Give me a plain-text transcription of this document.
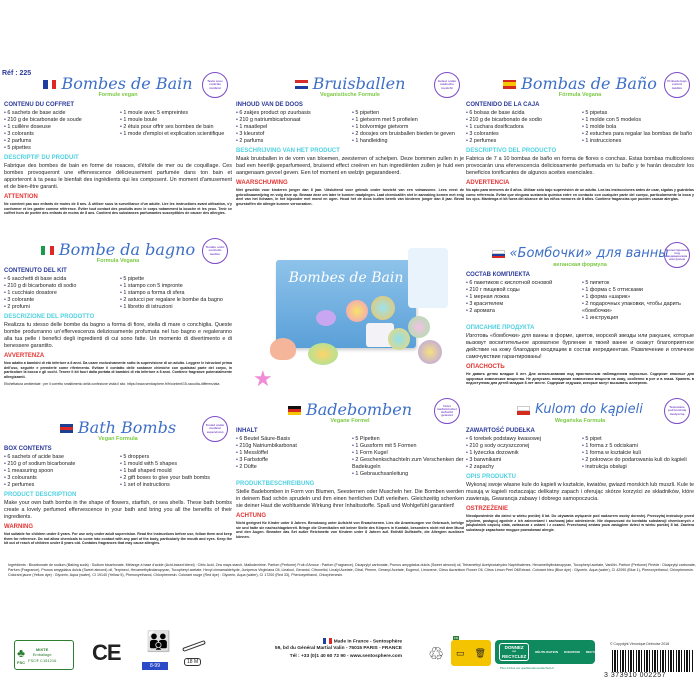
Réf : 225
Bombes de Bain	Testé sous contrôle médical
Formule vegan
CONTENU DU COFFRET
• 6 sachets de base acide
• 210 g de bicarbonate de soude
• 1 cuillère doseuse
• 3 colorants
• 2 parfums
• 5 pipettes
• 1 moule avec 5 empreintes
• 1 moule boule
• 2 étuis pour offrir ses bombes de bain
• 1 mode d'emploi et explication scientifique
DESCRIPTIF DU PRODUIT
Fabrique des bombes de bain en forme de rosaces, d'étoile de mer ou de coquillage. Ces bombes provoqueront une effervescence délicieusement parfumée dans ton bain et apporteront à ta peau le bienfait des ingrédients qui les composent. Un moment d'amusement et de bien-être garanti.
ATTENTION
Ne convient pas aux enfants de moins de 8 ans. À utiliser sous la surveillance d'un adulte. Lire les instructions avant utilisation, s'y conformer et les garder comme référence. Éviter tout contact des produits avec le corps notamment la bouche et les yeux. Tenir ce coffret hors de portée des enfants de moins de 8 ans. Contient des substances parfumantes susceptibles de causer des allergies.
Bombe da bagno	Testato sotto controllo medico
Formula Vegana
CONTENUTO DEL KIT
• 6 sacchetti di base acida
• 210 g di bicarbonato di sodio
• 1 cucchiaio dosatore
• 3 colorante
• 2 profumi
• 5 pipette
• 1 stampo con 5 impronte
• 1 stampo a forma di sfera
• 2 astucci per regalare le bombe da bagno
• 1 libretto di istruzioni
DESCRIZIONE DEL PRODOTTO
Realizza tu stesso delle bombe da bagno a forma di fiore, stella di mare o conchiglia. Queste bombe produrranno un'effervescenza deliziosamente profumata nel tuo bagno e regaleranno alla tua pelle i benefici degli ingredienti di cui sono fatte. Un momento di divertimento e di benessere garantito.
AVVERTENZA
Non adatto a bambini di età inferiore a 8 anni. Da usare esclusivamente sotto la supervisione di un adulto. Leggere le istruzioni prima dell'uso, seguirle e prenderle come riferimento. Evitare il contatto delle sostanze chimiche con qualsiasi parte del corpo, in particolare la bocca e gli occhi. Tenere il kit fuori dalla portata di bambini di età inferiore a 8 anni. Contiene fragranze potenzialmente allergizzanti.
Etichettatura ambientale : per il corretto smaltimento della confezione visita il sito: https://www.sentosphere.fr/fr/content/15-raccolta-differenziata
Bath Bombs	Tested under medical supervision
Vegan Formula
BOX CONTENTS
• 6 sachets of acide base
• 210 g of sodium bicarbonate
• 1 measuring spoon
• 3 colourants
• 2 perfumes
• 5 droppers
• 1 mould with 5 shapes
• 1 ball shaped mould
• 2 gift boxes to give your bath bombs
• 1 set of instructions
PRODUCT DESCRIPTION
Make your own bath bombs in the shape of flowers, starfish, or sea shells. These bath bombs create a lovely perfumed effervescence in your bath and bring you all the benefits of their ingredients.
WARNING
Not suitable for children under 8 years. For use only under adult supervision. Read the instructions before use, follow them and keep them for reference. Do not allow chemicals to come into contact with any part of the body, particularly the mouth and eyes. Keep the kit out of reach of children under 8 years old. Contains fragrances that may cause allergies.
Bruisballen	Getest onder medische toezicht
Veganistische Formule
INHOUD VAN DE DOOS
• 6 zakjes product op zuurbasis
• 210 g natriumbicarbonaat
• 1 maatlepel
• 3 kleurstof
• 2 parfums
• 5 pipetten
• 1 gietvorm met 5 profielen
• 1 bolvormige gietvorm
• 2 doosjes om bruisballen bieden te geven
• 1 handleiding
BESCHRIJVING VAN HET PRODUCT
Maak bruisballen in de vorm van bloemen, zeesterren of schelpen. Deze bommen zullen in je bad een heerlijk geparfumeerd, bruisend effect creëren en hun ingrediënten zullen je huid een aangenaam gevoel geven. Een tof moment en welzijn gegarandeerd.
WAARSCHUWING
Niet geschikt voor kinderen jonger dan 8 jaar. Uitsluitend voor gebruik onder toezicht van een volwassene. Lees eerst de gebruiksaanwijzing en volg deze op. Bewaar deze om later te kunnen raadplegen. Laat chemicaliën niet in aanraking komen met enig deel van het lichaam, in het bijzonder met mond en ogen. Houd het de doos buiten bereik van kinderen jonger dan 8 jaar. Bevat geurstoffen die allergie kunnen veroorzaken.
Bombes de Bain
★
Bombas de Baño	Probado bajo control médico
Fórmula Vegana
CONTENIDO DE LA CAJA
• 6 bolsas de base ácida
• 210 g de bicarbonato de sodio
• 1 cuchara dosificadora
• 3 colorantes
• 2 perfumes
• 5 pipetas
• 1 molde con 5 modelos
• 1 molde bola
• 2 estuches para regalar las bombas de baño
• 1 instrucciones
DESCRIPTIVO DEL PRODUCTO
Fabrica de 7 a 10 bombas de baño en forma de flores o conchas. Estas bombas multicolores provocarán una efervescencia deliciosamente perfumada en tu baño y te harán descubrir los beneficios tonificantes de algunos aceites esenciales.
ADVERTENCIA
No apto para menores de 8 años. Utilizar sólo bajo supervisión de un adulto. Lea las instrucciones antes de usar, sígalas y guárdelas como referencia. Evitar que ninguna sustancia química entre en contacto con cualquier parte del cuerpo, particularmente la boca y los ojos. Mantenga el kit fuera del alcance de los niños menores de 8 años. Contiene fragancias que pueden causar alergias.
«Бомбочки» для ванны
Протестировано под медицинским контролем
веганская формула
СОСТАВ КОМПЛЕКТА
• 6 пакетиков с кислотной основой
• 210 г пищевой соды
• 1 мерная ложка
• 3 красителем
• 2 аромата
• 5 пипеток
• 1 форма с 5 оттисками
• 1 форма «шарик»
• 2 подарочных упаковки, чтобы дарить «бомбочки»
• 1 инструкция
ОПИСАНИЕ ПРОДУКТА
Изготовь «бомбочки» для ванны в форме, цветов, морской звезды или ракушек, которые вызовут восхитительное ароматное бурление в твоей ванне и окажут благоприятное действие на кожу благодаря входящим в состав ингредиентам. Развлечение и отличное самочувствие гарантированы!
ОПАСНОСТЬ
Не давать детям младше 8 лет. Для использования под пристальным наблюдением взрослых. Содержит опасные для здоровья химические вещества. Не допускать попадания химических веществ на кожу, особенно в рот и в глаза. Хранить в недоступном для детей младше 8 лет месте. Содержит отдушки, которые могут вызывать аллергию.
Badebomben	Unter medizinischer Aufsicht getestet
Vegane Formel
INHALT
• 6 Beutel Säure-Basis
• 210g Natriumbikarbonat
• 1 Messlöffel
• 3 Farbstoffe
• 2 Düfte
• 5 Pipetten
• 1 Gussform mit 5 Formen
• 1 Form Kugel
• 2 Geschenkschachteln zum Verschenken der Badekugeln
• 1 Gebrauchsanleitung
PRODUKTBESCHREIBUNG
Stelle Badebomben in Form von Blumen, Seesternen oder Muscheln her. Die Bomben werden in deinem Bad schön sprudeln und ihm einen herrlichen Duft verleihen. Gleichzeitig schenken sie deiner Haut die wohltuende Wirkung ihrer Inhaltsstoffe. Spaß und Wohlgefühl garantiert!
ACHTUNG
Nicht geeignet für Kinder unter 8 Jahren. Benutzung unter Aufsicht von Erwachsenen. Lies die Anweisungen vor Gebrauch, befolge sie und halte sie nachschlagebereit. Bringe die Chemikalien mit keiner Stelle des Körpers in Kontakt, besonders nicht mit dem Mund und den Augen. Bewahre das Set außer Reichweite von Kindern unter 8 Jahren auf. Enthält Duftstoffe, die Allergien auslösen können.
Kulom do kąpieli	Testowane pod kontrolą medyczną
Wegańska Formuła
ZAWARTOŚĆ PUDEŁKA
• 6 torebek podstawy kwasowej
• 210 g sody oczyszczonej
• 1 łyżeczka dozownik
• 3 barwnikami
• 2 zapachy
• 5 pipet
• 1 forma z 5 odciskami
• 1 forma w kształcie kuli
• 2 pokrowce do podarowania kuli do kąpieli
• instrukcja obsługi
OPIS PRODUKTU
Wykonaj swoje własne kule do kąpieli w kształcie, kwiatów, gwiazd morskich lub muszli. Kule te musują w kąpieli roztaczając delikatny zapach i oferując skórze korzyści ze składników, które zawierają. Gwarancja zabawy i dobrego samopoczucia.
OSTRZEŻENIE
Nieodpowiednie dla dzieci w wieku poniżej 8 lat. Do używania wyłącznie pod nadzorem osoby dorosłej. Przeczytaj instrukcje przed użyciem, postępuj zgodnie z ich zaleceniami i zachowaj jako odniesienie. Nie dopuszczać do kontaktu substancji chemicznych z jakąkolwiek częścią ciała, zwłaszcza z ustami i z oczami. Przechowuj zestaw poza zasięgiem dzieci w wieku poniżej 8 lat. Zawiera substancje zapachowe mogące powodować alergie.
Ingrédients : Bicarbonate de sodium (Baking soda) : Sodium bicarbonate. Mélange à base d'acide (Acid-based blend) : Citric Acid, Zea mays starch, Maltodextrine. Parfum (Perfume) Fruit d'Amour : Parfum (Fragrance), Dicaprylyl carbonate, Prunus amygdalus dulcis (Sweet almond) oil, Tetramethyl Acetyloctahydro Naphthalenes, Hexamethylindanopyran, Tocopheryl acetate, Vanillin. Parfum (Perfume) Pinède : Dicaprylyl carbonate, Parfum (Fragrance), Prunus amygdalus dulcis (Sweet almond) oil, Terpineol, Hexamethylindanopyran, Tocopheryl acetate, Hexyl cinnamaldehyde, Juniperus Virginiana Oil, Linalool, Geraniol, Citronellol, Linalyl Acetate, Citral, Pinene, Geranyl Acetate, Eugenol, Limonene, Citrus Aurantium Flower Oil, Citrus Limon Peel Oil/Extract. Colorant bleu (Blue dye) : Glycerin, Aqua (water), CI 42090 (Blue 1), Phenoxyethanol, Chlorphenesin. Colorant jaune (Yellow dye) : Glycerin, Aqua (water), CI 19140 (Yellow 5), Phenoxyethanol, Chlorphenesin. Colorant rouge (Red dye) : Glycerin, Aqua (water), CI 17200 (Red 33), Phenoxyethanol, Chlorphenesin.
♣
FSC
MIXTE
Emballage
FSC® C151216 CE 👪
8-99
18 M
Made in France - Sentosphère
59, bd du Général Martial Valin - 75015 PARIS - FRANCE
Tél : +33 (0)1 40 60 72 90 - www.sentosphere.com ♲
FR
▭ 🗑
DONNEZ
ou
RECYCLEZ
RÉUTILISATION DONATION RECYCLAGE
Plus d'infos sur quefairedemesdechets.fr
© Copyright Véronique Debroise 2018
3 373910 002257
